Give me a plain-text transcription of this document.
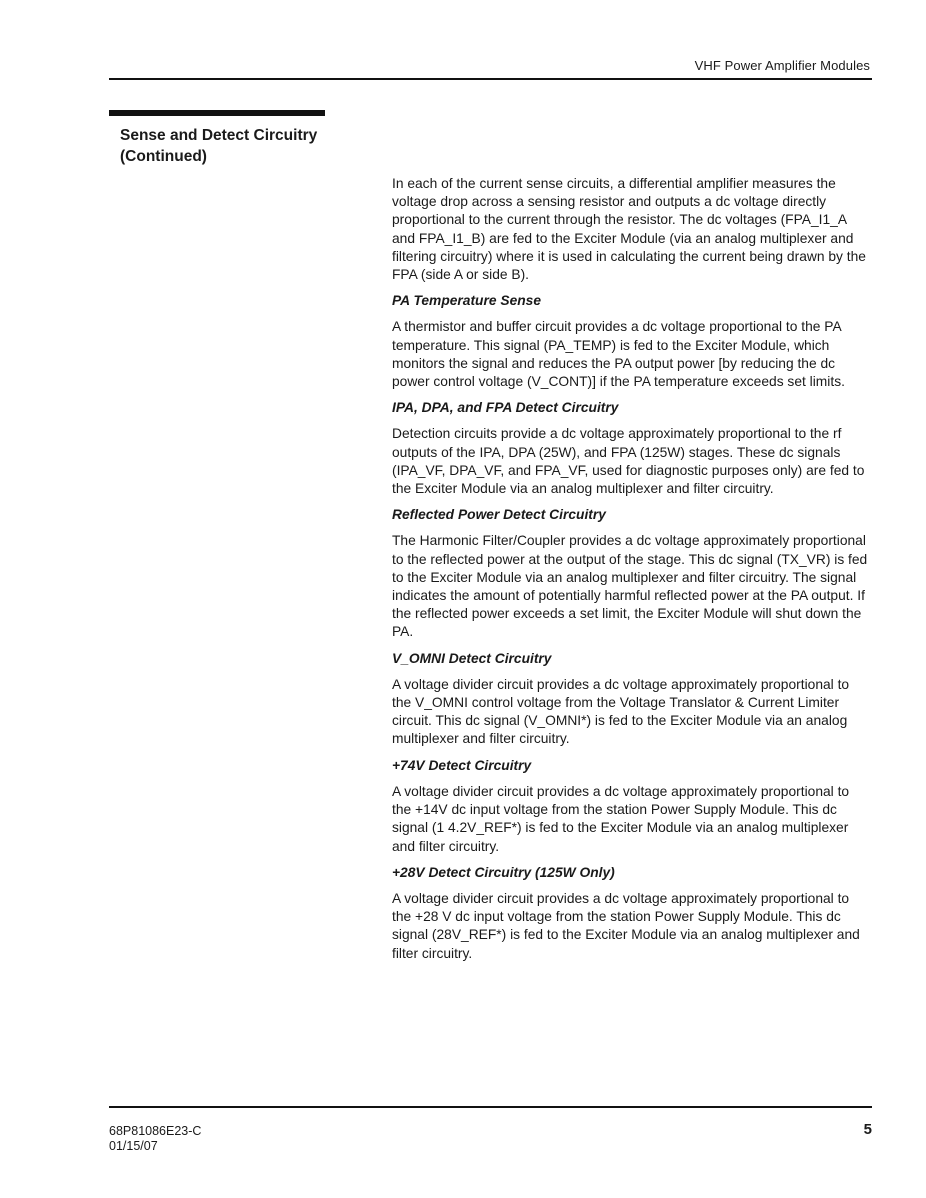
VHF Power Amplifier Modules
Sense and Detect Circuitry
(Continued)

In each of the current sense circuits, a differential amplifier measures the voltage drop across a sensing resistor and outputs a dc voltage directly proportional to the current through the resistor. The dc voltages (FPA_I1_A and FPA_I1_B) are fed to the Exciter Module (via an analog multiplexer and filtering circuitry) where it is used in calculating the current being drawn by the FPA (side A or side B).

PA Temperature Sense

A thermistor and buffer circuit provides a dc voltage proportional to the PA temperature. This signal (PA_TEMP) is fed to the Exciter Module, which monitors the signal and reduces the PA output power [by reducing the dc power control voltage (V_CONT)] if the PA temperature exceeds set limits.

IPA, DPA, and FPA Detect Circuitry

Detection circuits provide a dc voltage approximately proportional to the rf outputs of the IPA, DPA (25W), and FPA (125W) stages. These dc signals (IPA_VF, DPA_VF, and FPA_VF, used for diagnostic purposes only) are fed to the Exciter Module via an analog multiplexer and filter circuitry.

Reflected Power Detect Circuitry

The Harmonic Filter/Coupler provides a dc voltage approximately proportional to the reflected power at the output of the stage. This dc signal (TX_VR) is fed to the Exciter Module via an analog multiplexer and filter circuitry. The signal indicates the amount of potentially harmful reflected power at the PA output. If the reflected power exceeds a set limit, the Exciter Module will shut down the PA.

V_OMNI Detect Circuitry

A voltage divider circuit provides a dc voltage approximately proportional to the V_OMNI control voltage from the Voltage Translator & Current Limiter circuit. This dc signal (V_OMNI*) is fed to the Exciter Module via an analog multiplexer and filter circuitry.

+74V Detect Circuitry

A voltage divider circuit provides a dc voltage approximately proportional to the +14V dc input voltage from the station Power Supply Module. This dc signal (1 4.2V_REF*) is fed to the Exciter Module via an analog multiplexer and filter circuitry.

+28V Detect Circuitry (125W Only)

A voltage divider circuit provides a dc voltage approximately proportional to the +28 V dc input voltage from the station Power Supply Module. This dc signal (28V_REF*) is fed to the Exciter Module via an analog multiplexer and filter circuitry.

68P81086E23-C
01/15/07
5
